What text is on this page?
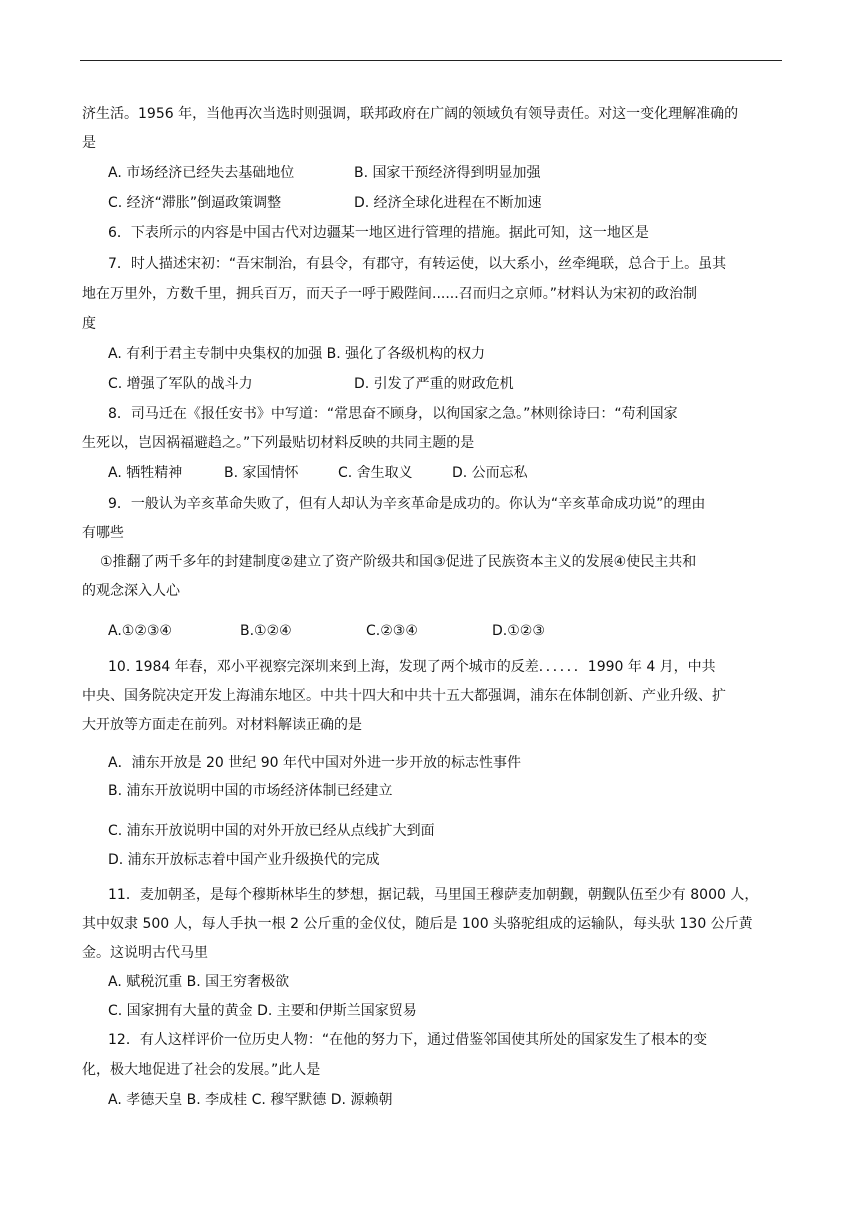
济生活。1956 年，当他再次当选时则强调，联邦政府在广阔的领域负有领导责任。对这一变化理解准确的
是
A. 市场经济已经失去基础地位	B. 国家干预经济得到明显加强
C. 经济“滞胀”倒逼政策调整	D. 经济全球化进程在不断加速
6．下表所示的内容是中国古代对边疆某一地区进行管理的措施。据此可知，这一地区是
7．时人描述宋初：“吾宋制治，有县令，有郡守，有转运使，以大系小，丝牵绳联，总合于上。虽其
地在万里外，方数千里，拥兵百万，而天子一呼于殿陛间......召而归之京师。”材料认为宋初的政治制
度
A. 有利于君主专制中央集权的加强 B. 强化了各级机构的权力
C. 增强了军队的战斗力	D. 引发了严重的财政危机
8．司马迁在《报任安书》中写道：“常思奋不顾身，以徇国家之急。”林则徐诗曰：“苟利国家
生死以，岂因祸福避趋之。”下列最贴切材料反映的共同主题的是
A. 牺牲精神	B. 家国情怀	C. 舍生取义	D. 公而忘私
9．一般认为辛亥革命失败了，但有人却认为辛亥革命是成功的。你认为“辛亥革命成功说”的理由
有哪些
①推翻了两千多年的封建制度②建立了资产阶级共和国③促进了民族资本主义的发展④使民主共和
的观念深入人心
A.①②③④	B.①②④	C.②③④	D.①②③
10. 1984 年春，邓小平视察完深圳来到上海，发现了两个城市的反差．．．．．．1990 年 4 月，中共
中央、国务院决定开发上海浦东地区。中共十四大和中共十五大都强调，浦东在体制创新、产业升级、扩
大开放等方面走在前列。对材料解读正确的是
A．浦东开放是 20 世纪 90 年代中国对外进一步开放的标志性事件
B. 浦东开放说明中国的市场经济体制已经建立
C. 浦东开放说明中国的对外开放已经从点线扩大到面
D. 浦东开放标志着中国产业升级换代的完成
11．麦加朝圣，是每个穆斯林毕生的梦想，据记载，马里国王穆萨麦加朝觐，朝觐队伍至少有 8000 人，
其中奴隶 500 人，每人手执一根 2 公斤重的金仪仗，随后是 100 头骆驼组成的运输队，每头驮 130 公斤黄
金。这说明古代马里
A. 赋税沉重 B. 国王穷奢极欲
C. 国家拥有大量的黄金 D. 主要和伊斯兰国家贸易
12．有人这样评价一位历史人物：“在他的努力下，通过借鉴邻国使其所处的国家发生了根本的变
化，极大地促进了社会的发展。”此人是
A. 孝德天皇 B. 李成桂 C. 穆罕默德 D. 源赖朝
